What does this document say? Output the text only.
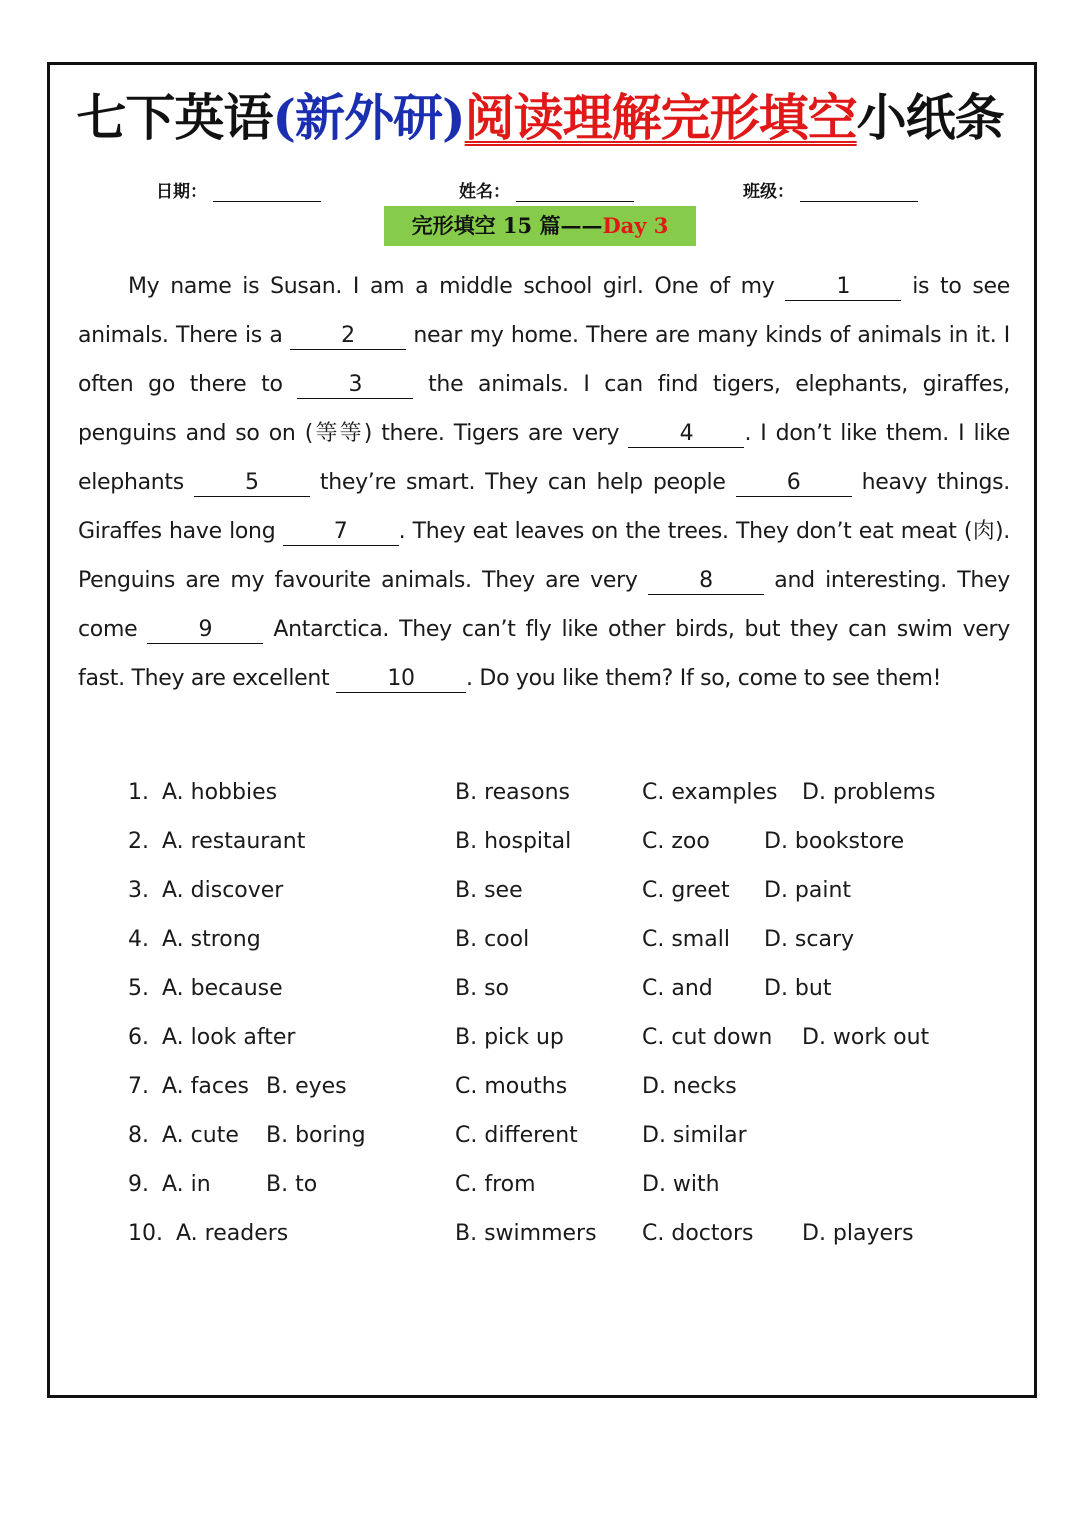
七下英语(新外研)阅读理解完形填空小纸条
日期：	姓名：	班级：
完形填空 15 篇——Day 3
My name is Susan. I am a middle school girl. One of my	1	is to see animals. There is a	2	near my home. There are many kinds of animals in it. I often go there to	3	the animals. I can find tigers, elephants, giraffes, penguins and so on (等等) there. Tigers are very	4 . I don’t like them. I like elephants	5	they’re smart. They can help people	6	heavy things. Giraffes have long	7 . They eat leaves on the trees. They don’t eat meat (肉). Penguins are my favourite animals. They are very	8	and interesting. They come	9	Antarctica. They can’t fly like other birds, but they can swim very fast. They are excellent	10 . Do you like them? If so, come to see them!
1. A. hobbies	B. reasons	C. examples D. problems
2. A. restaurant	B. hospital	C. zoo D. bookstore
3. A. discover	B. see	C. greet D. paint
4. A. strong	B. cool	C. small D. scary
5. A. because	B. so	C. and D. but
6. A. look after	B. pick up	C. cut down D. work out
7. A. faces B. eyes	C. mouths	D. necks
8. A. cute B. boring	C. different	D. similar
9. A. in	B. to	C. from	D. with
10. A. readers	B. swimmers C. doctors D. players
